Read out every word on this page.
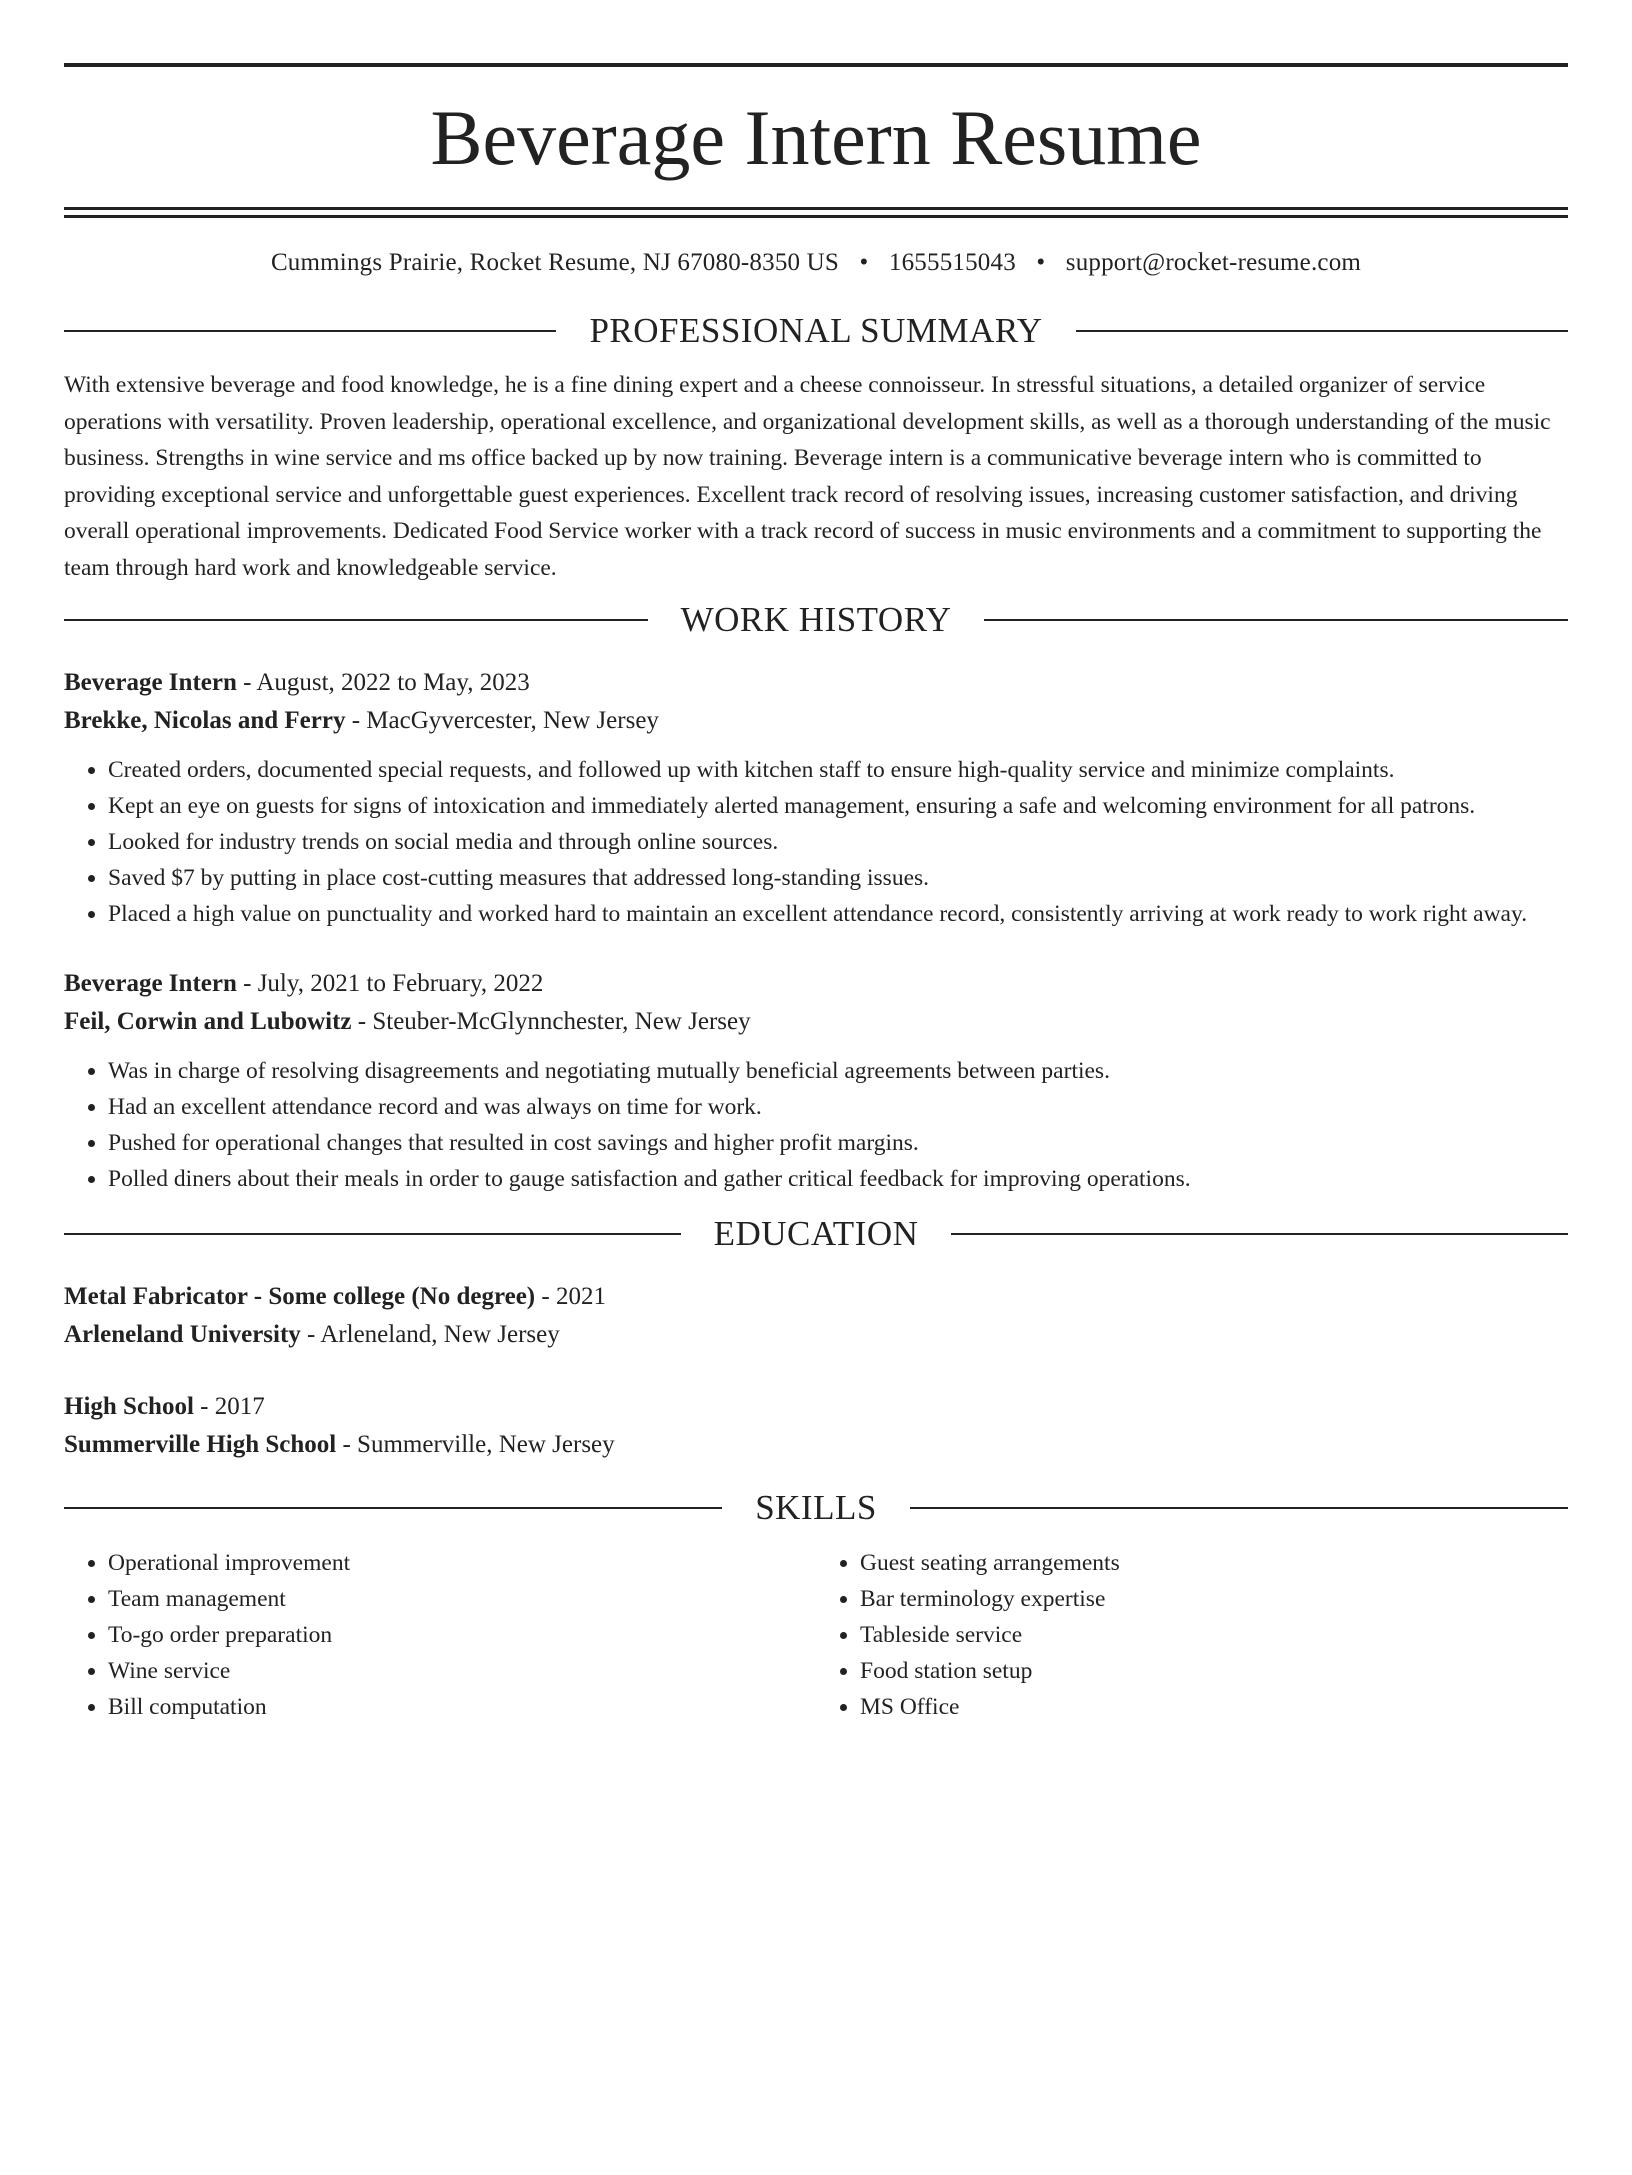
Beverage Intern Resume
Cummings Prairie, Rocket Resume, NJ 67080-8350 US • 1655515043 • support@rocket-resume.com
PROFESSIONAL SUMMARY
With extensive beverage and food knowledge, he is a fine dining expert and a cheese connoisseur. In stressful situations, a detailed organizer of service operations with versatility. Proven leadership, operational excellence, and organizational development skills, as well as a thorough understanding of the music business. Strengths in wine service and ms office backed up by now training. Beverage intern is a communicative beverage intern who is committed to providing exceptional service and unforgettable guest experiences. Excellent track record of resolving issues, increasing customer satisfaction, and driving overall operational improvements. Dedicated Food Service worker with a track record of success in music environments and a commitment to supporting the team through hard work and knowledgeable service.
WORK HISTORY
Beverage Intern - August, 2022 to May, 2023
Brekke, Nicolas and Ferry - MacGyvercester, New Jersey
• Created orders, documented special requests, and followed up with kitchen staff to ensure high-quality service and minimize complaints.
• Kept an eye on guests for signs of intoxication and immediately alerted management, ensuring a safe and welcoming environment for all patrons.
• Looked for industry trends on social media and through online sources.
• Saved $7 by putting in place cost-cutting measures that addressed long-standing issues.
• Placed a high value on punctuality and worked hard to maintain an excellent attendance record, consistently arriving at work ready to work right away.
Beverage Intern - July, 2021 to February, 2022
Feil, Corwin and Lubowitz - Steuber-McGlynnchester, New Jersey
• Was in charge of resolving disagreements and negotiating mutually beneficial agreements between parties.
• Had an excellent attendance record and was always on time for work.
• Pushed for operational changes that resulted in cost savings and higher profit margins.
• Polled diners about their meals in order to gauge satisfaction and gather critical feedback for improving operations.
EDUCATION
Metal Fabricator - Some college (No degree) - 2021
Arleneland University - Arleneland, New Jersey
High School - 2017
Summerville High School - Summerville, New Jersey
SKILLS
• Operational improvement
• Team management
• To-go order preparation
• Wine service
• Bill computation
• Guest seating arrangements
• Bar terminology expertise
• Tableside service
• Food station setup
• MS Office
